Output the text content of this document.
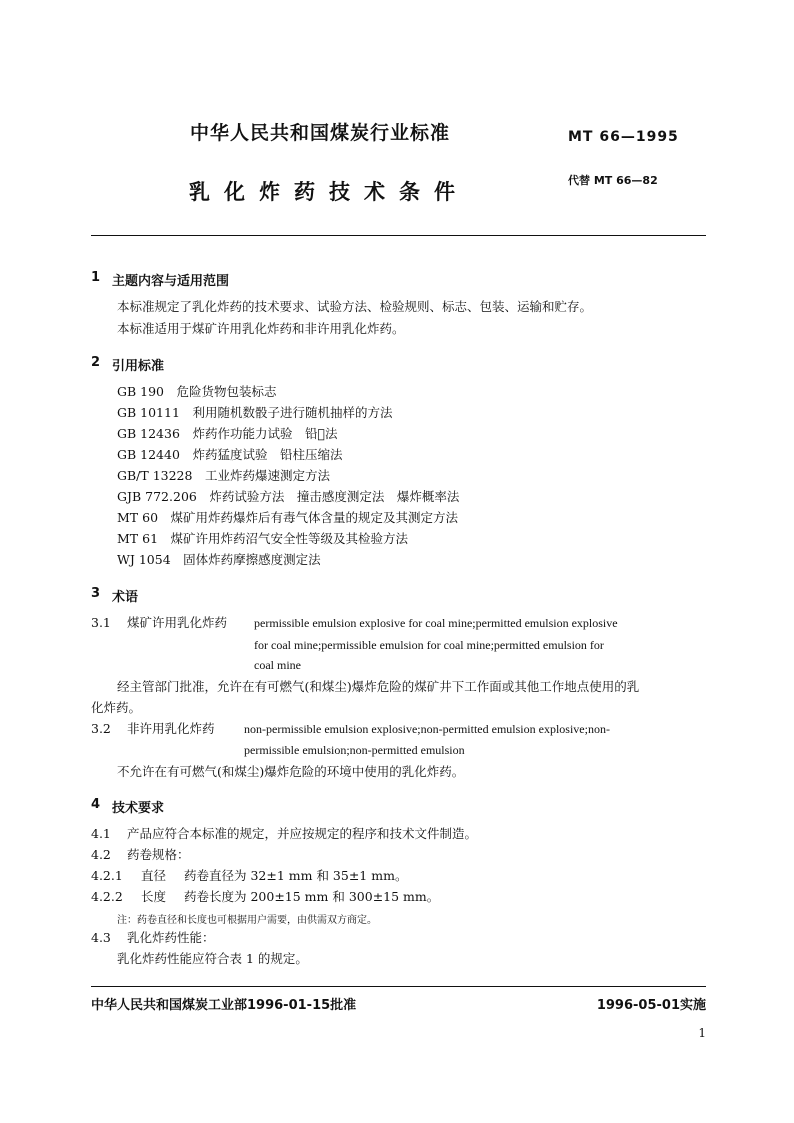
中华人民共和国煤炭行业标准	MT 66—1995
乳化炸药技术条件	代替 MT 66—82
1 主题内容与适用范围
本标准规定了乳化炸药的技术要求、试验方法、检验规则、标志、包装、运输和贮存。
本标准适用于煤矿许用乳化炸药和非许用乳化炸药。
2 引用标准
GB 190　 危险货物包装标志
GB 10111　 利用随机数骰子进行随机抽样的方法
GB 12436　 炸药作功能力试验　铅𫒼法
GB 12440　 炸药猛度试验　铅柱压缩法
GB/T 13228　 工业炸药爆速测定方法
GJB 772.206　 炸药试验方法　撞击感度测定法　爆炸概率法
MT 60　 煤矿用炸药爆炸后有毒气体含量的规定及其测定方法
MT 61　 煤矿许用炸药沼气安全性等级及其检验方法
WJ 1054　 固体炸药摩擦感度测定法
3 术语
3.1 煤矿许用乳化炸药 permissible emulsion explosive for coal mine;permitted emulsion explosive
for coal mine;permissible emulsion for coal mine;permitted emulsion for
coal mine
经主管部门批准，允许在有可燃气(和煤尘)爆炸危险的煤矿井下工作面或其他工作地点使用的乳
化炸药。
3.2 非许用乳化炸药 non-permissible emulsion explosive;non-permitted emulsion explosive;non-
permissible emulsion;non-permitted emulsion
不允许在有可燃气(和煤尘)爆炸危险的环境中使用的乳化炸药。
4 技术要求
4.1 产品应符合本标准的规定，并应按规定的程序和技术文件制造。
4.2 药卷规格：
4.2.1 直径 药卷直径为 32±1 mm 和 35±1 mm。
4.2.2 长度 药卷长度为 200±15 mm 和 300±15 mm。
注：药卷直径和长度也可根据用户需要，由供需双方商定。
4.3 乳化炸药性能：
乳化炸药性能应符合表 1 的规定。
中华人民共和国煤炭工业部1996-01-15批准	1996-05-01实施
1
